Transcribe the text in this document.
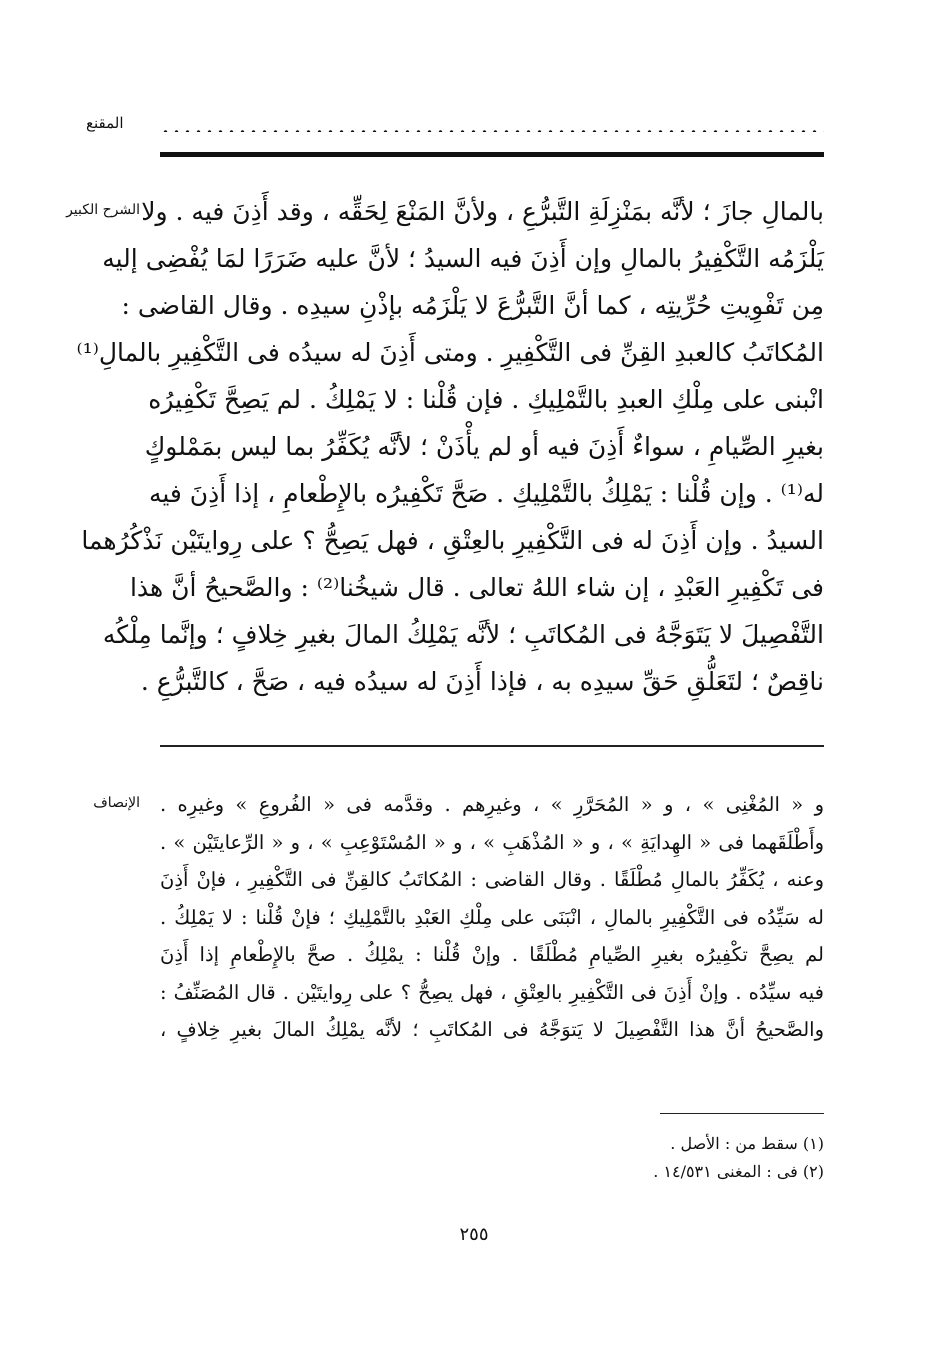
المقنع
الشرح الكبير بالمالِ جازَ ؛ لأنَّه بمَنْزِلَةِ التَّبرُّعِ ، ولأنَّ المَنْعَ لِحَقِّه ، وقد أَذِنَ فيه . ولا
يَلْزَمُه التَّكْفِيرُ بالمالِ وإن أَذِنَ فيه السيدُ ؛ لأنَّ عليه ضَرَرًا لمَا يُفْضِى إليه
مِن تَفْوِيتِ حُرِّيتِه ، كما أنَّ التَّبرُّعَ لا يَلْزَمُه بإذْنِ سيدِه . وقال القاضى :
المُكاتَبُ كالعبدِ القِنِّ فى التَّكْفِيرِ . ومتى أَذِنَ له سيدُه فى التَّكْفِيرِ بالمالِ⁽¹⁾
انْبنى على مِلْكِ العبدِ بالتَّمْلِيكِ . فإن قُلْنا : لا يَمْلِكُ . لم يَصِحَّ تَكْفِيرُه
بغيرِ الصِّيامِ ، سواءٌ أَذِنَ فيه أو لم يأْذَنْ ؛ لأنَّه يُكَفِّرُ بما ليس بمَمْلوكٍ
له⁽¹⁾ . وإن قُلْنا : يَمْلِكُ بالتَّمْلِيكِ . صَحَّ تَكْفِيرُه بالإِطْعامِ ، إذا أَذِنَ فيه
السيدُ . وإن أَذِنَ له فى التَّكْفِيرِ بالعِتْقِ ، فهل يَصِحُّ ؟ على رِوايتَيْن نَذْكُرُهما
فى تَكْفِيرِ العَبْدِ ، إن شاء اللهُ تعالى . قال شيخُنا⁽²⁾ : والصَّحيحُ أنَّ هذا
التَّفْصِيلَ لا يَتَوَجَّهُ فى المُكاتَبِ ؛ لأنَّه يَمْلِكُ المالَ بغيرِ خِلافٍ ؛ وإنَّما مِلْكُه
ناقِصٌ ؛ لتَعَلُّقِ حَقِّ سيدِه به ، فإذا أَذِنَ له سيدُه فيه ، صَحَّ ، كالتَّبرُّعِ .
الإنصاف و « المُغْنِى » ، و « المُحَرَّرِ » ، وغيرِهم . وقدَّمه فى « الفُروعِ » وغيرِه .
وأَطْلَقَهما فى « الهِدايَةِ » ، و « المُذْهَبِ » ، و « المُسْتَوْعِبِ » ، و « الرِّعايتَيْن » .
وعنه ، يُكَفِّرُ بالمالِ مُطْلَقًا . وقال القاضى : المُكاتَبُ كالقِنِّ فى التَّكْفِيرِ ، فإنْ أَذِنَ
له سَيِّدُه فى التَّكْفِيرِ بالمالِ ، انْبَنَى على مِلْكِ العَبْدِ بالتَّمْلِيكِ ؛ فإنْ قُلْنا : لا يَمْلِكُ .
لم يصِحَّ تكْفِيرُه بغيرِ الصِّيامِ مُطْلَقًا . وإنْ قُلْنا : يمْلِكُ . صحَّ بالإِطْعامِ إذا أَذِنَ
فيه سيِّدُه . وإنْ أَذِنَ فى التَّكْفِيرِ بالعِتْقِ ، فهل يصِحُّ ؟ على رِوايتَيْن . قال المُصَنِّفُ :
والصَّحيحُ أنَّ هذا التَّفْصِيلَ لا يَتوَجَّهُ فى المُكاتَبِ ؛ لأنَّه يمْلِكُ المالَ بغيرِ خِلافٍ ،
(١) سقط من : الأصل .
(٢) فى : المغنى ١٤/٥٣١ .
٢٥٥
